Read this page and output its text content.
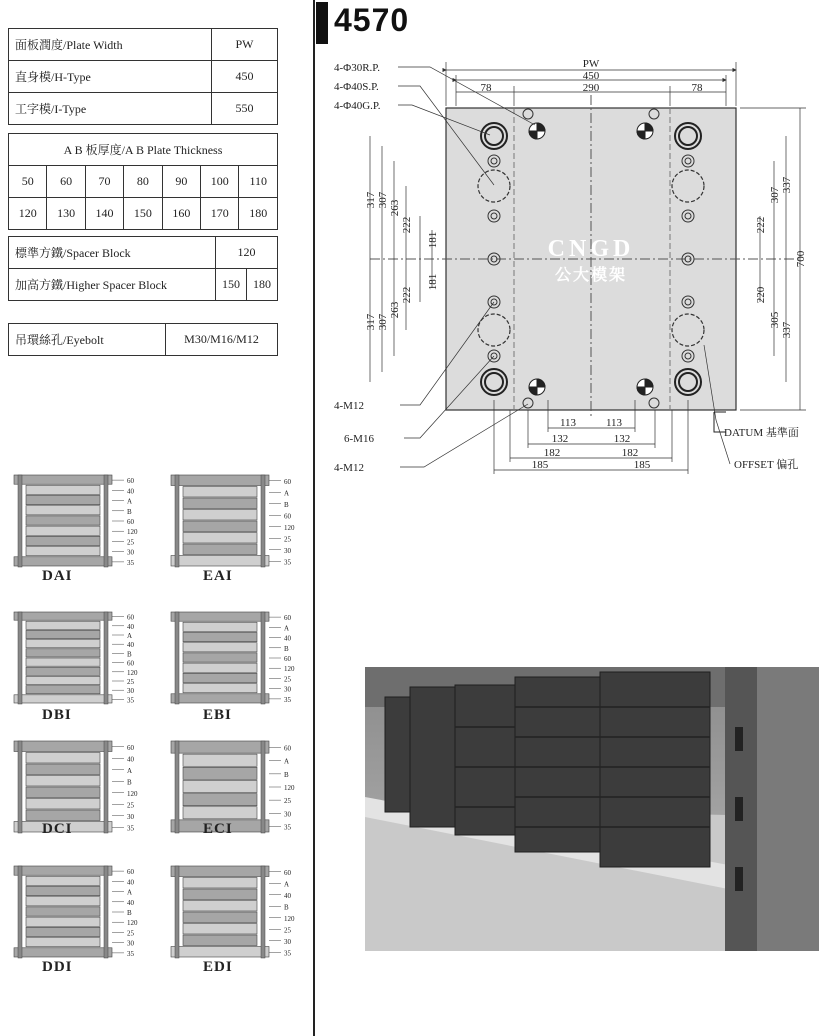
面板潤度/Plate Width	PW
直身模/H-Type	450
工字模/I-Type	550
A B 板厚度/A B Plate Thickness						
50	60	70	80	90	100	110
120	130	140	150	160	170	180
標準方鐵/Spacer Block	120	
加高方鐵/Higher Spacer Block	150	180
吊環絲孔/Eyebolt	M30/M16/M12
60
40
A
B
60
120
25
30
35
DAI
60
A
B
60
120
25
30
35
EAI
60
40
A
40
B
60
120
25
30
35
DBI
60
A
40
B
60
120
25
30
35
EBI
60
40
A
B
120
25
30
35
DCI
60
A
B
120
25
30
35
ECI
60
40
A
40
B
120
25
30
35
DDI
60
A
40
B
120
25
30
35
EDI
4570
CNGD
公大模架
PW
450
290
78	78
4-Φ30R.P.
4-Φ40S.P.
4-Φ40G.P.
4-M12
6-M16
4-M12
317 307 263
222
181
181
222
263
307
317
337
307
222
220
305
337
700
113	113
132	132
182	182
185	185
DATUM 基準面
OFFSET 偏孔
